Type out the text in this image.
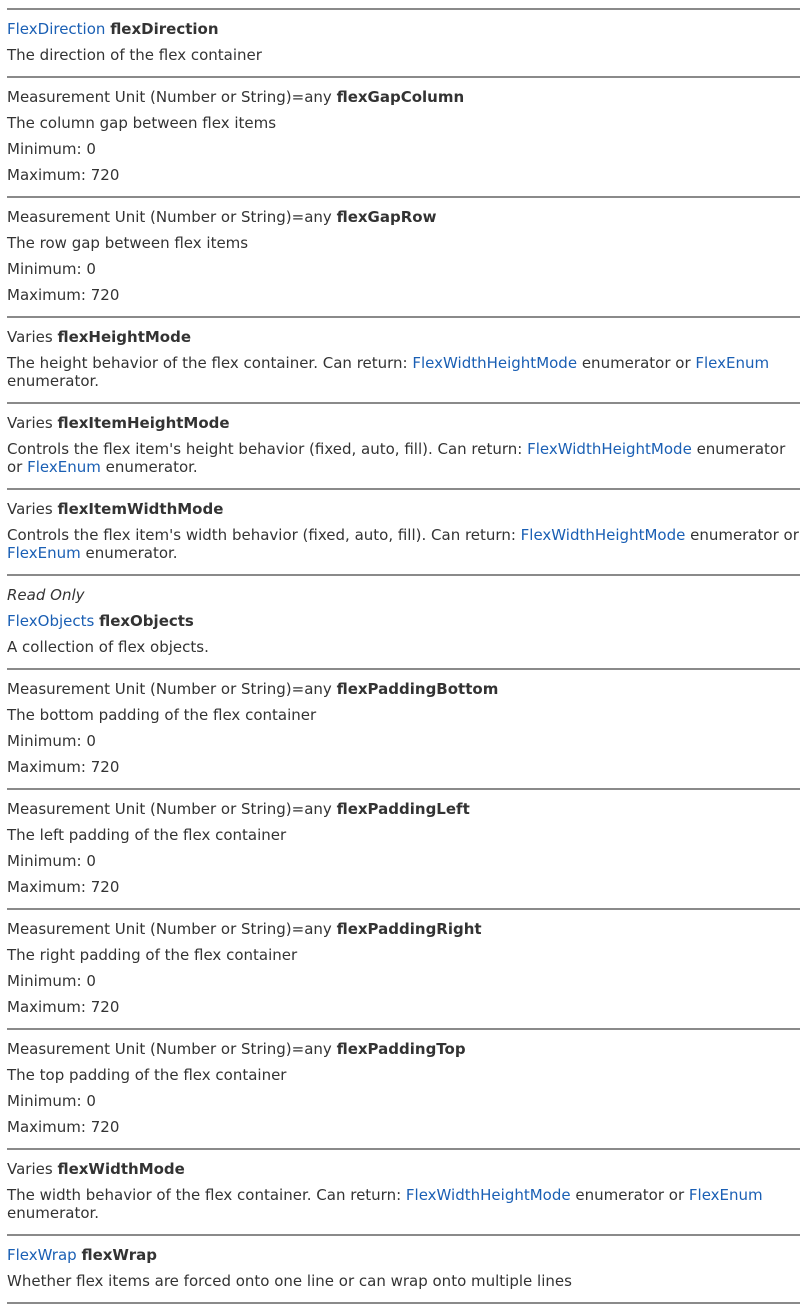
FlexDirection flexDirection
The direction of the flex container
Measurement Unit (Number or String)=any flexGapColumn
The column gap between flex items
Minimum: 0
Maximum: 720
Measurement Unit (Number or String)=any flexGapRow
The row gap between flex items
Minimum: 0
Maximum: 720
Varies flexHeightMode
The height behavior of the flex container. Can return: FlexWidthHeightMode enumerator or FlexEnum enumerator.
Varies flexItemHeightMode
Controls the flex item's height behavior (fixed, auto, fill). Can return: FlexWidthHeightMode enumerator or FlexEnum enumerator.
Varies flexItemWidthMode
Controls the flex item's width behavior (fixed, auto, fill). Can return: FlexWidthHeightMode enumerator or FlexEnum enumerator.
Read Only
FlexObjects flexObjects
A collection of flex objects.
Measurement Unit (Number or String)=any flexPaddingBottom
The bottom padding of the flex container
Minimum: 0
Maximum: 720
Measurement Unit (Number or String)=any flexPaddingLeft
The left padding of the flex container
Minimum: 0
Maximum: 720
Measurement Unit (Number or String)=any flexPaddingRight
The right padding of the flex container
Minimum: 0
Maximum: 720
Measurement Unit (Number or String)=any flexPaddingTop
The top padding of the flex container
Minimum: 0
Maximum: 720
Varies flexWidthMode
The width behavior of the flex container. Can return: FlexWidthHeightMode enumerator or FlexEnum enumerator.
FlexWrap flexWrap
Whether flex items are forced onto one line or can wrap onto multiple lines
